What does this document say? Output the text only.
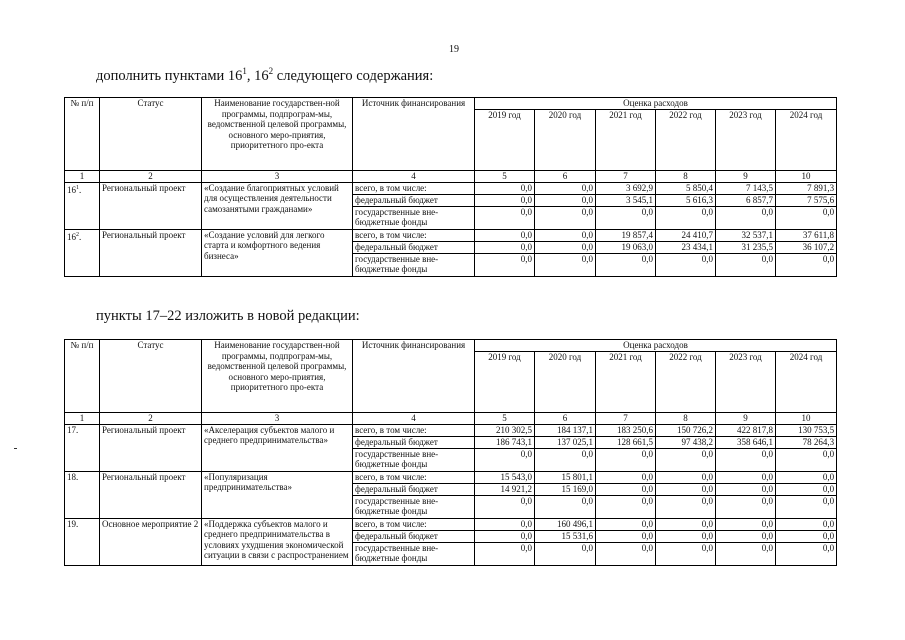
19
дополнить пунктами $16^1$, $16^2$ следующего содержания:
№ п/п	Статус	Наименование государствен-ной программы, подпрограм-мы, ведомственной целевой программы, основного меро-приятия, приоритетного про-екта	Источник финансирования	Оценка расходов					
				2019 год	2020 год	2021 год	2022 год	2023 год	2024 год
1	2	3	4	5	6	7	8	9	10
$16^1$.	Региональный проект	«Создание благоприятных условий для осуществления деятельности самозанятыми гражданами»	всего, в том числе:	0,0	0,0	3 692,9	5 850,4	7 143,5	7 891,3
			федеральный бюджет	0,0	0,0	3 545,1	5 616,3	6 857,7	7 575,6
			государственные вне-бюджетные фонды	0,0	0,0	0,0	0,0	0,0	0,0
$16^2$.	Региональный проект	«Создание условий для легкого старта и комфортного ведения бизнеса»	всего, в том числе:	0,0	0,0	19 857,4	24 410,7	32 537,1	37 611,8
			федеральный бюджет	0,0	0,0	19 063,0	23 434,1	31 235,5	36 107,2
			государственные вне-бюджетные фонды	0,0	0,0	0,0	0,0	0,0	0,0
пункты 17–22 изложить в новой редакции:
№ п/п	Статус	Наименование государствен-ной программы, подпрограм-мы, ведомственной целевой программы, основного меро-приятия, приоритетного про-екта	Источник финансирования	Оценка расходов					
				2019 год	2020 год	2021 год	2022 год	2023 год	2024 год
1	2	3	4	5	6	7	8	9	10
17.	Региональный проект	«Акселерация субъектов малого и среднего предпринимательства»	всего, в том числе:	210 302,5	184 137,1	183 250,6	150 726,2	422 817,8	130 753,5
			федеральный бюджет	186 743,1	137 025,1	128 661,5	97 438,2	358 646,1	78 264,3
			государственные вне-бюджетные фонды	0,0	0,0	0,0	0,0	0,0	0,0
18.	Региональный проект	«Популяризация предпринимательства»	всего, в том числе:	15 543,0	15 801,1	0,0	0,0	0,0	0,0
			федеральный бюджет	14 921,2	15 169,0	0,0	0,0	0,0	0,0
			государственные вне-бюджетные фонды	0,0	0,0	0,0	0,0	0,0	0,0
19.	Основное мероприятие 2	«Поддержка субъектов малого и среднего предпринимательства в условиях ухудшения экономической ситуации в связи с распространением	всего, в том числе:	0,0	160 496,1	0,0	0,0	0,0	0,0
			федеральный бюджет	0,0	15 531,6	0,0	0,0	0,0	0,0
			государственные вне-бюджетные фонды	0,0	0,0	0,0	0,0	0,0	0,0
